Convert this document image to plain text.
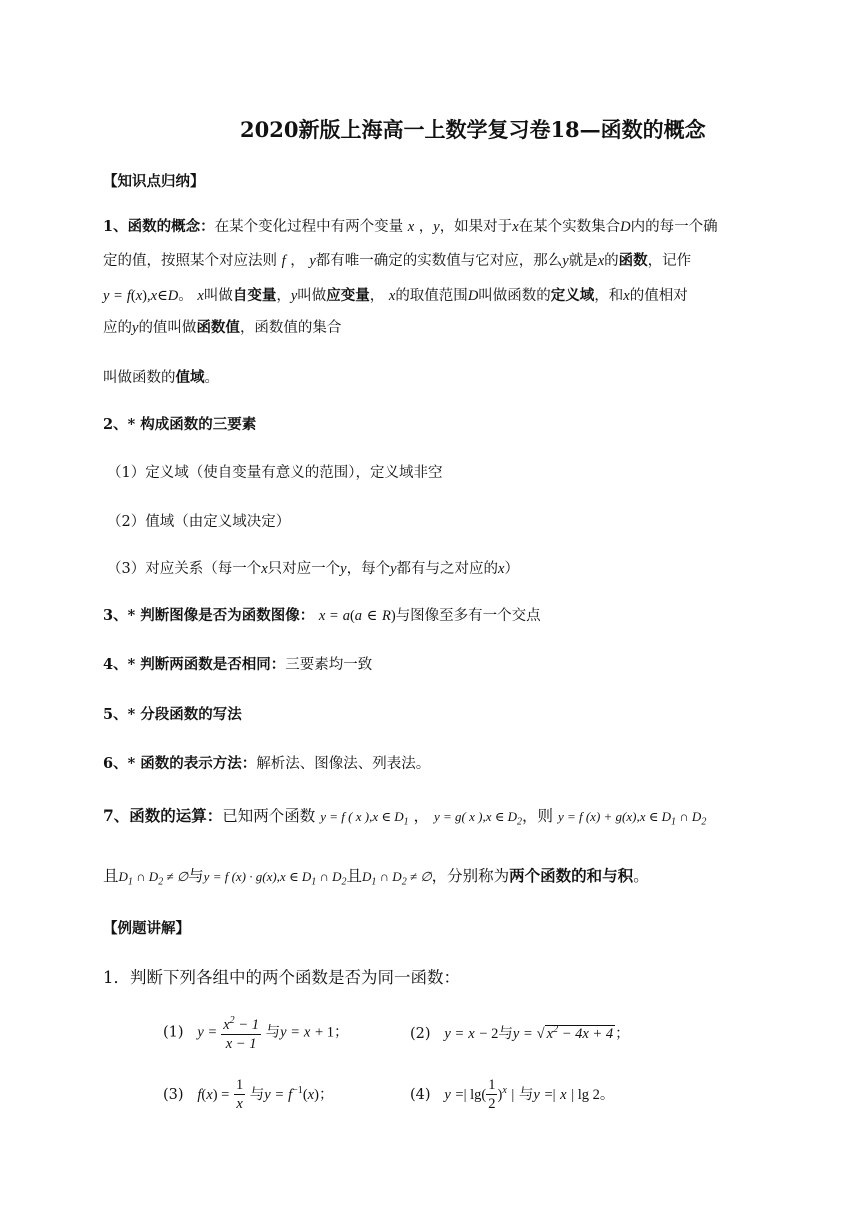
2020新版上海高一上数学复习卷18—函数的概念
【知识点归纳】
1、函数的概念：在某个变化过程中有两个变量 x ，y，如果对于x在某个实数集合D内的每一个确
定的值，按照某个对应法则 f ， y都有唯一确定的实数值与它对应，那么y就是x的函数，记作
y = f(x),x∈D。 x叫做自变量，y叫做应变量， x的取值范围D叫做函数的定义域，和x的值相对
应的y的值叫做函数值，函数值的集合
叫做函数的值域。
2、* 构成函数的三要素
（1）定义域（使自变量有意义的范围），定义域非空
（2）值域（由定义域决定）
（3）对应关系（每一个x只对应一个y，每个y都有与之对应的x）
3、* 判断图像是否为函数图像： x = a(a ∈ R)与图像至多有一个交点
4、* 判断两函数是否相同：三要素均一致
5、* 分段函数的写法
6、* 函数的表示方法：解析法、图像法、列表法。
7、函数的运算：已知两个函数 y = f ( x ),x ∈ $D_1$ ， y = g( x ),x ∈ $D_2$，则 y = f (x) + g(x),x ∈ $D_1$ ∩ $D_2$
且$D_1$ ∩ $D_2$ ≠ ∅与y = f (x) · g(x),x ∈ $D_1$ ∩ $D_2$且$D_1$ ∩ $D_2$ ≠ ∅，分别称为两个函数的和与积。
【例题讲解】
1．判断下列各组中的两个函数是否为同一函数：
(1) $y = \frac{x^2 - 1}{x - 1}$ 与y = x + 1；	(2) y = x − 2与y = √ $x^2 - 4x + 4$ ；
(3) $f(x) = \frac{1}{x}$ 与$y = f^{-1}(x)$；	(4) y =| $\lg( \frac{1}{2} )^x$ | 与y =| x | lg 2。
